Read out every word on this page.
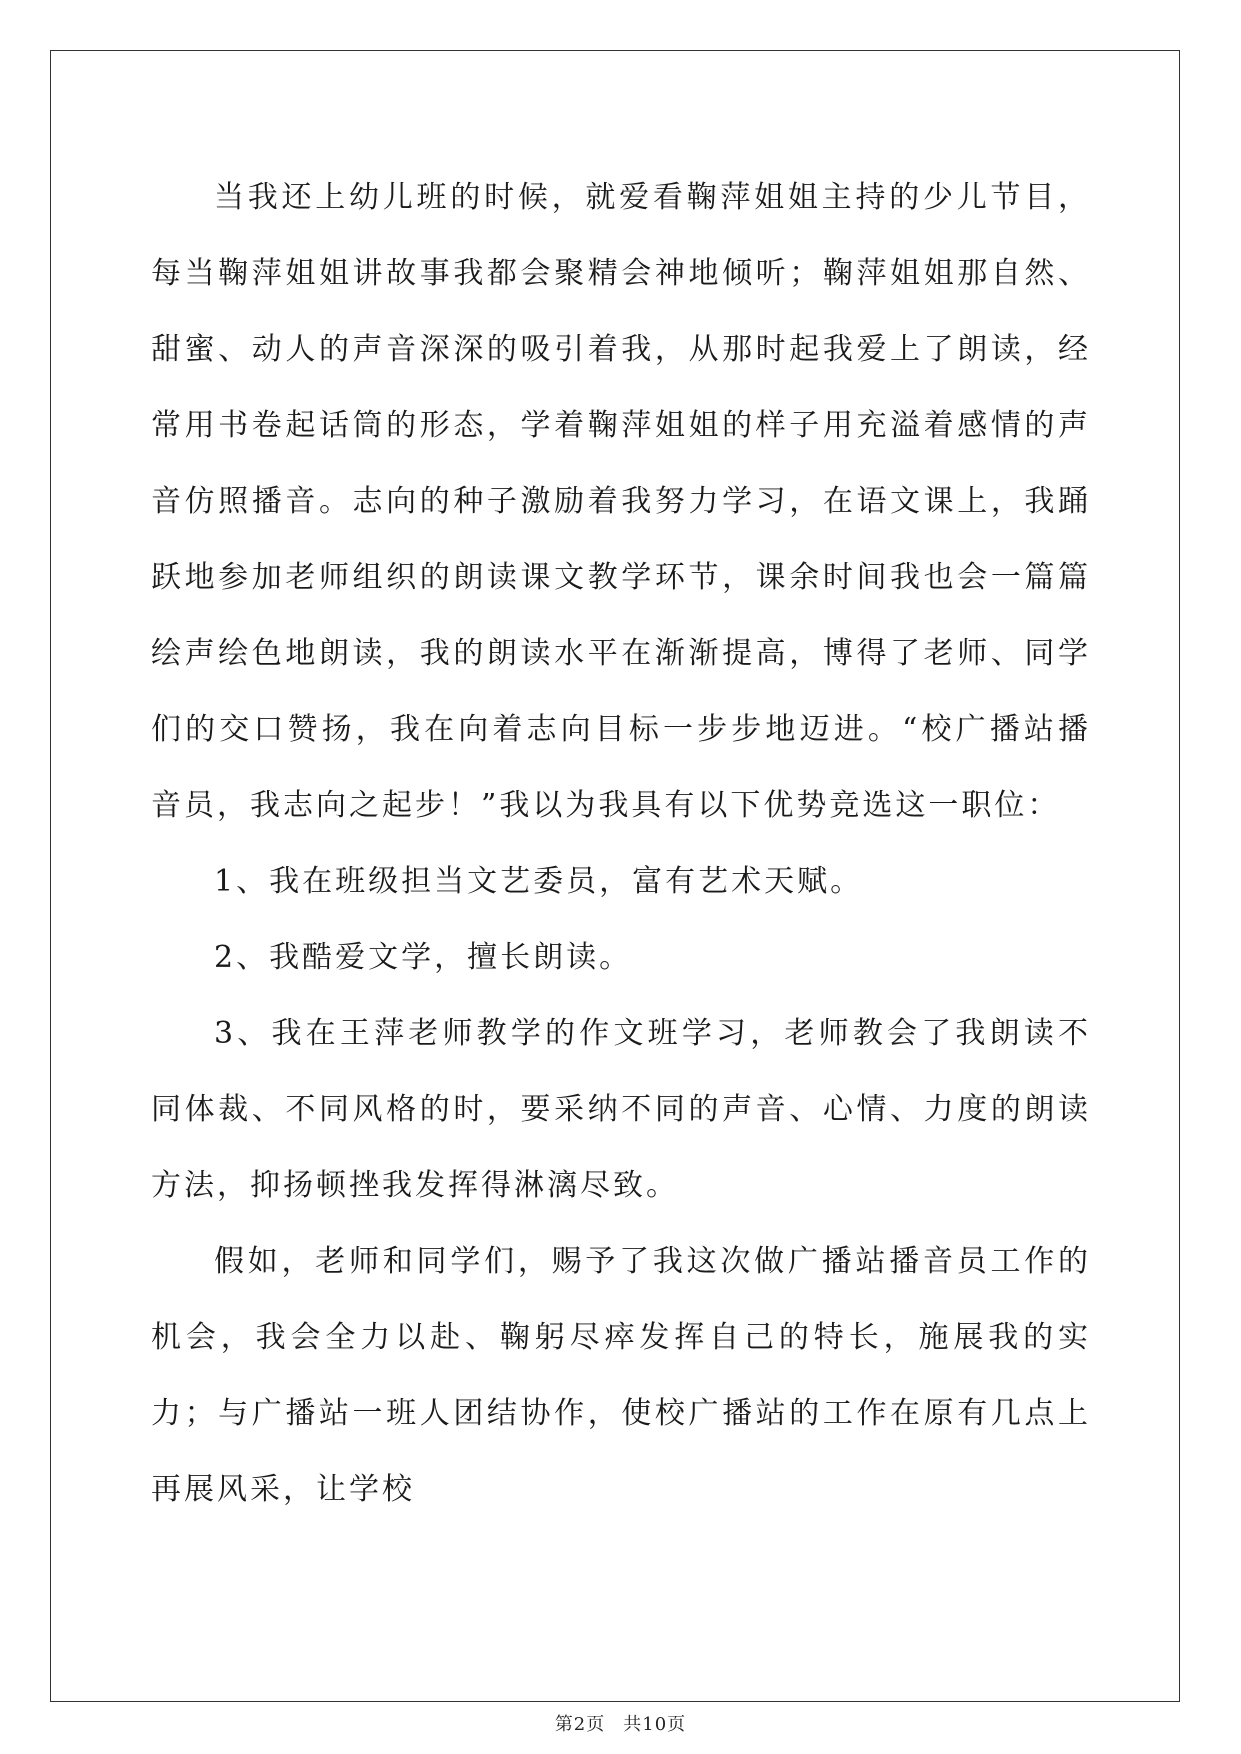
当我还上幼儿班的时候，就爱看鞠萍姐姐主持的少儿节目，每当鞠萍姐姐讲故事我都会聚精会神地倾听；鞠萍姐姐那自然、甜蜜、动人的声音深深的吸引着我，从那时起我爱上了朗读，经常用书卷起话筒的形态，学着鞠萍姐姐的样子用充溢着感情的声音仿照播音。志向的种子激励着我努力学习，在语文课上，我踊跃地参加老师组织的朗读课文教学环节，课余时间我也会一篇篇绘声绘色地朗读，我的朗读水平在渐渐提高，博得了老师、同学们的交口赞扬，我在向着志向目标一步步地迈进。“校广播站播音员，我志向之起步！”我以为我具有以下优势竞选这一职位：

1、我在班级担当文艺委员，富有艺术天赋。

2、我酷爱文学，擅长朗读。

3、我在王萍老师教学的作文班学习，老师教会了我朗读不同体裁、不同风格的时，要采纳不同的声音、心情、力度的朗读方法，抑扬顿挫我发挥得淋漓尽致。

假如，老师和同学们，赐予了我这次做广播站播音员工作的机会，我会全力以赴、鞠躬尽瘁发挥自己的特长，施展我的实力；与广播站一班人团结协作，使校广播站的工作在原有几点上再展风采，让学校

第2页 共10页
